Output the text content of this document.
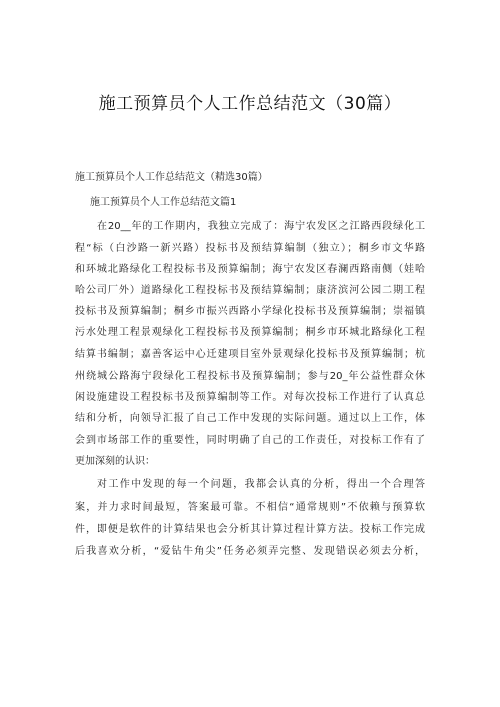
施工预算员个人工作总结范文（30篇）
施工预算员个人工作总结范文（精选30篇）
施工预算员个人工作总结范文篇1
在20__年的工作期内，我独立完成了：海宁农发区之江路西段绿化工
程“标（白沙路一新兴路）投标书及预结算编制（独立）；桐乡市文华路
和环城北路绿化工程投标书及预算编制；海宁农发区春澜西路南侧（娃哈
哈公司厂外）道路绿化工程投标书及预结算编制；康济滨河公园二期工程
投标书及预算编制；桐乡市振兴西路小学绿化投标书及预算编制；崇福镇
污水处理工程景观绿化工程投标书及预算编制；桐乡市环城北路绿化工程
结算书编制；嘉善客运中心迁建项目室外景观绿化投标书及预算编制；杭
州绕城公路海宁段绿化工程投标书及预算编制；参与20_年公益性群众休
闲设施建设工程投标书及预算编制等工作。对每次投标工作进行了认真总
结和分析，向领导汇报了自己工作中发现的实际问题。通过以上工作，体
会到市场部工作的重要性，同时明确了自己的工作责任，对投标工作有了
更加深刻的认识：
对工作中发现的每一个问题，我都会认真的分析，得出一个合理答
案，并力求时间最短，答案最可靠。不相信“通常规则”不依赖与预算软
件，即便是软件的计算结果也会分析其计算过程计算方法。投标工作完成
后我喜欢分析，“爱钻牛角尖”任务必须弄完整、发现错误必须去分析，
